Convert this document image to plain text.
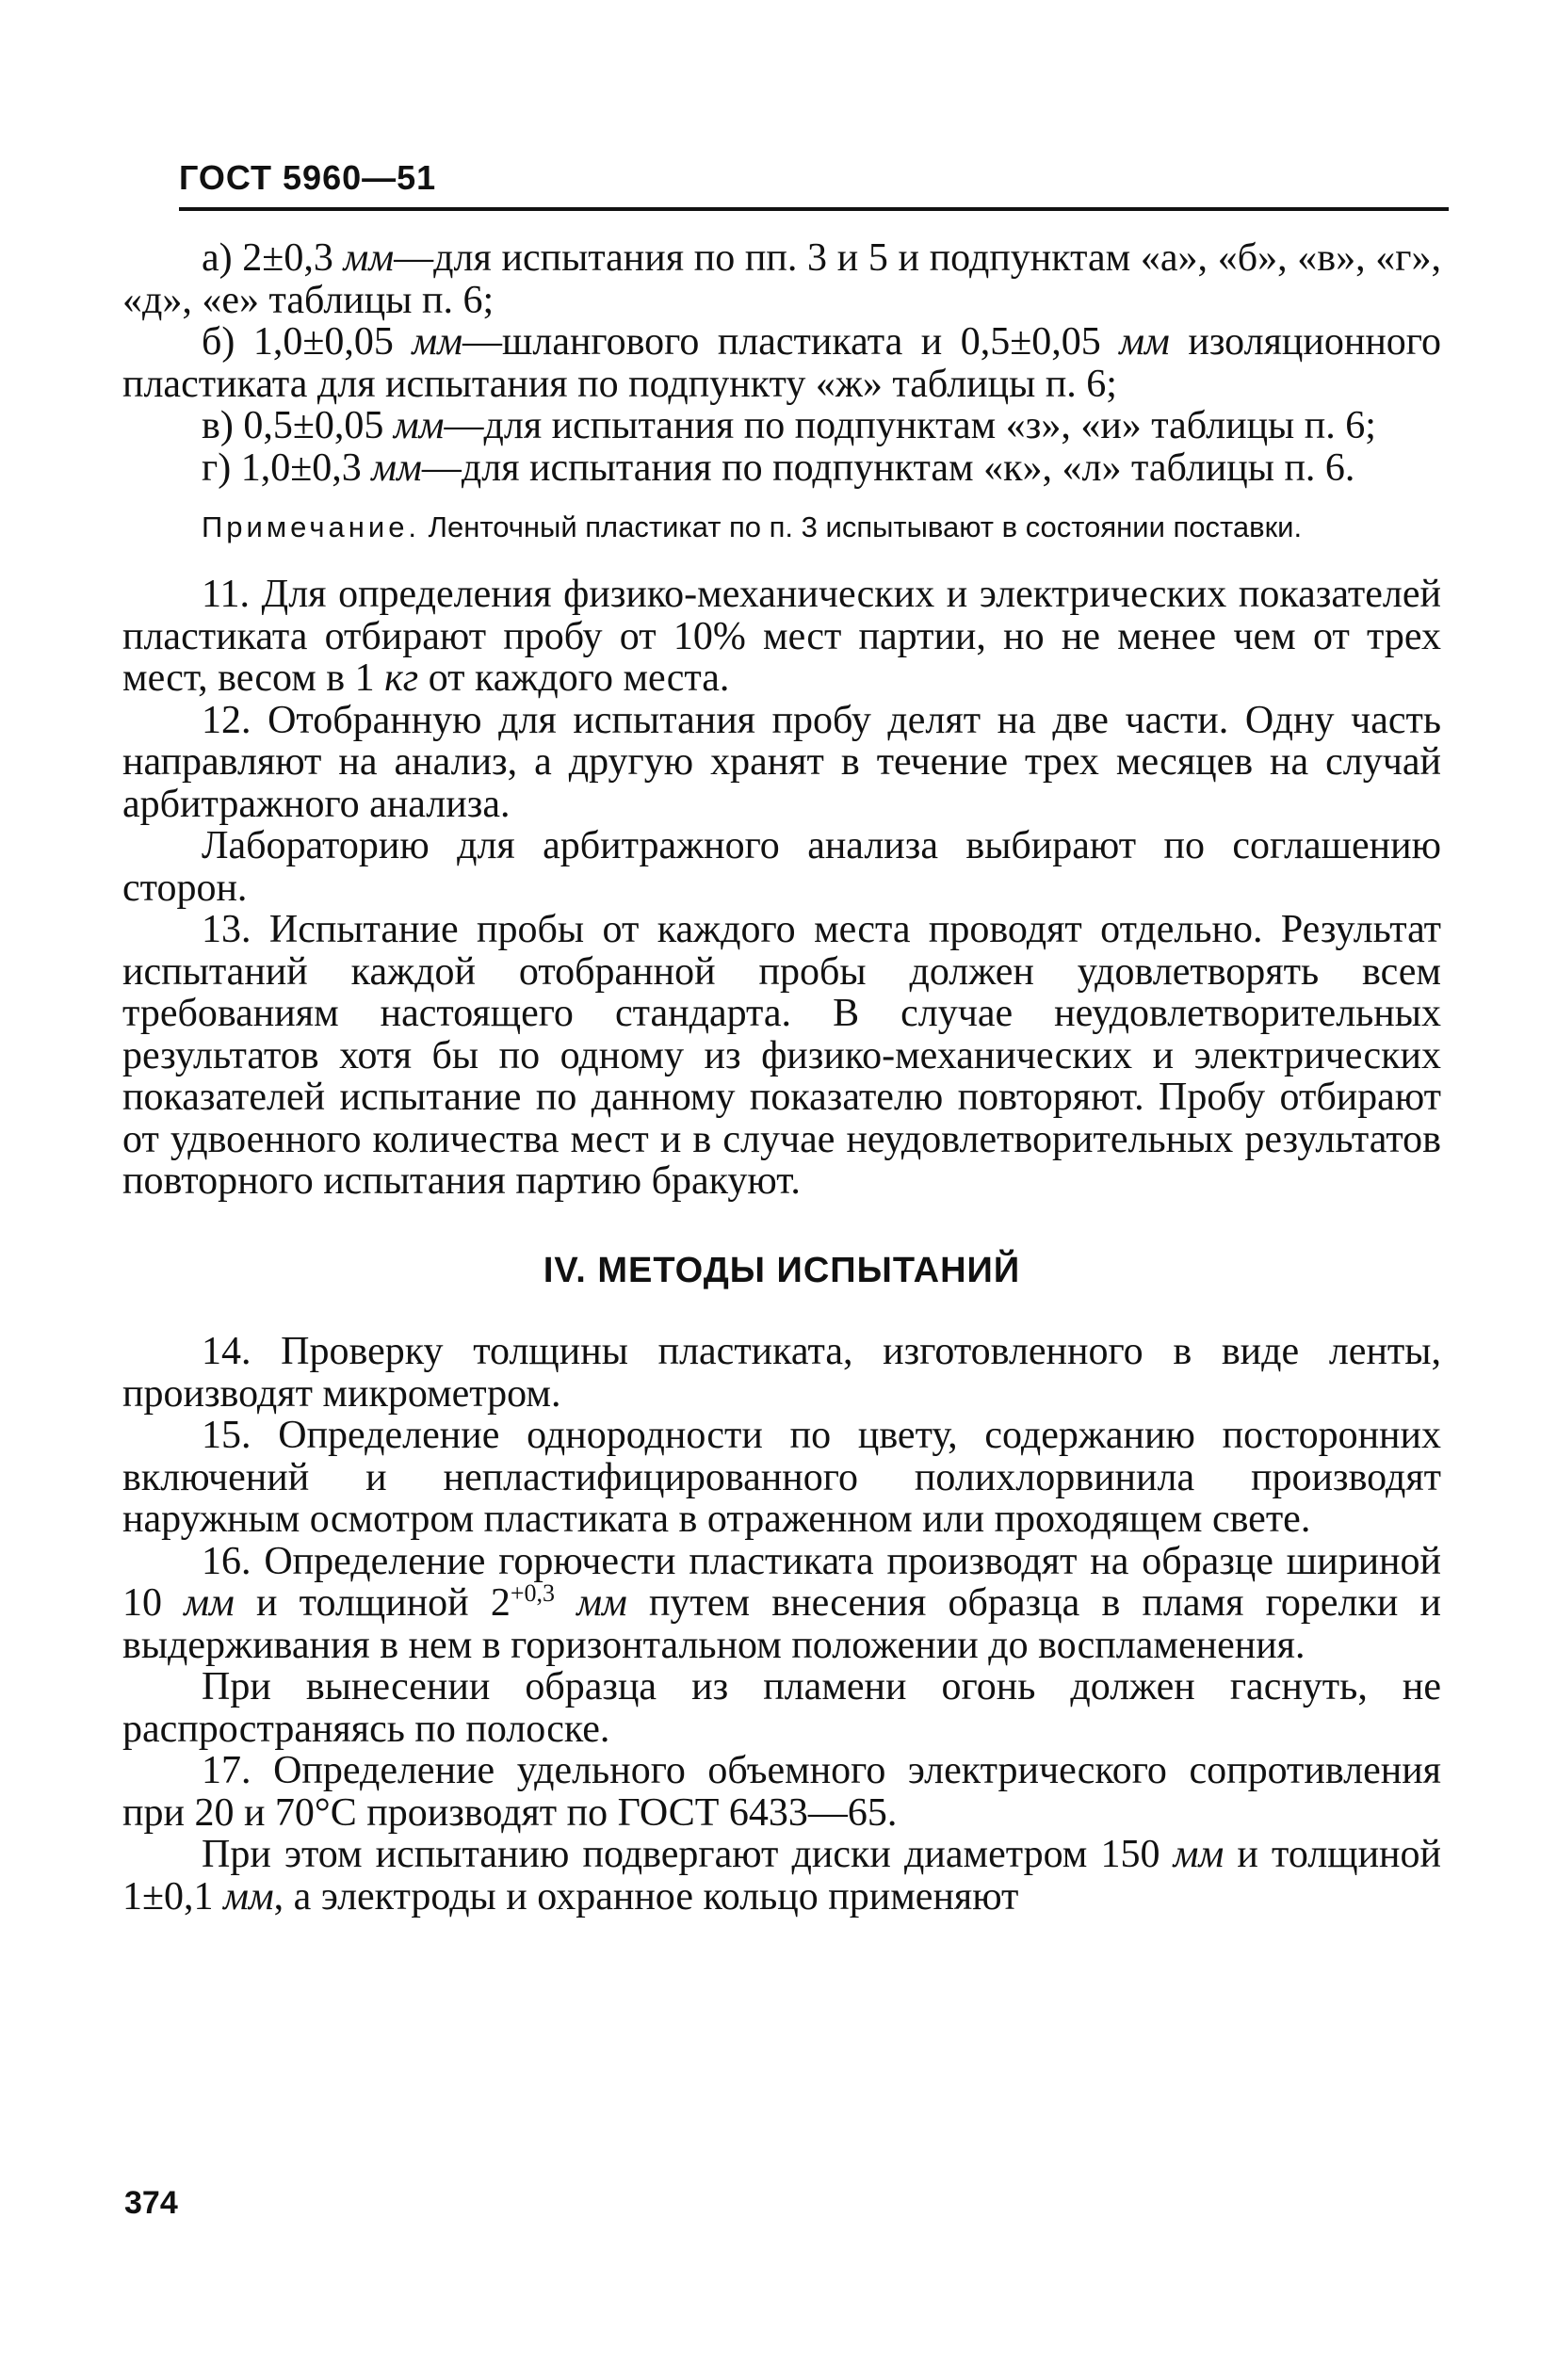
ГОСТ 5960—51

а) 2±0,3 мм—для испытания по пп. 3 и 5 и подпунктам «а», «б», «в», «г», «д», «е» таблицы п. 6;

б) 1,0±0,05 мм—шлангового пластиката и 0,5±0,05 мм изоляционного пластиката для испытания по подпункту «ж» таблицы п. 6;

в) 0,5±0,05 мм—для испытания по подпунктам «з», «и» таблицы п. 6;

г) 1,0±0,3 мм—для испытания по подпунктам «к», «л» таблицы п. 6.

Примечание. Ленточный пластикат по п. 3 испытывают в состоянии поставки.

11. Для определения физико-механических и электрических показателей пластиката отбирают пробу от 10% мест партии, но не менее чем от трех мест, весом в 1 кг от каждого места.

12. Отобранную для испытания пробу делят на две части. Одну часть направляют на анализ, а другую хранят в течение трех месяцев на случай арбитражного анализа.

Лабораторию для арбитражного анализа выбирают по соглашению сторон.

13. Испытание пробы от каждого места проводят отдельно. Результат испытаний каждой отобранной пробы должен удовлетворять всем требованиям настоящего стандарта. В случае неудовлетворительных результатов хотя бы по одному из физико-механических и электрических показателей испытание по данному показателю повторяют. Пробу отбирают от удвоенного количества мест и в случае неудовлетворительных результатов повторного испытания партию бракуют.

IV. МЕТОДЫ ИСПЫТАНИЙ

14. Проверку толщины пластиката, изготовленного в виде ленты, производят микрометром.

15. Определение однородности по цвету, содержанию посторонних включений и непластифицированного полихлорвинила производят наружным осмотром пластиката в отраженном или проходящем свете.

16. Определение горючести пластиката производят на образце шириной 10 мм и толщиной $2^{+0,3}$ мм путем внесения образца в пламя горелки и выдерживания в нем в горизонтальном положении до воспламенения.

При вынесении образца из пламени огонь должен гаснуть, не распространяясь по полоске.

17. Определение удельного объемного электрического сопротивления при 20 и 70°С производят по ГОСТ 6433—65.

При этом испытанию подвергают диски диаметром 150 мм и толщиной 1±0,1 мм, а электроды и охранное кольцо применяют

374
